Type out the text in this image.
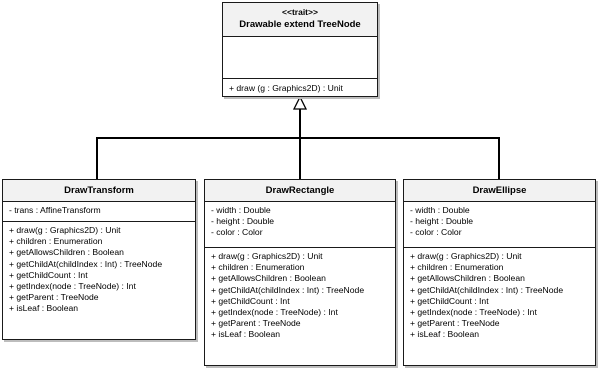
<<trait>>
Drawable extend TreeNode
+ draw (g : Graphics2D) : Unit
DrawTransform
- trans : AffineTransform
+ draw(g : Graphics2D) : Unit
+ children : Enumeration
+ getAllowsChildren : Boolean
+ getChildAt(childIndex : Int) : TreeNode
+ getChildCount : Int
+ getIndex(node : TreeNode) : Int
+ getParent : TreeNode
+ isLeaf : Boolean
DrawRectangle
- width : Double
- height : Double
- color : Color
+ draw(g : Graphics2D) : Unit
+ children : Enumeration
+ getAllowsChildren : Boolean
+ getChildAt(childIndex : Int) : TreeNode
+ getChildCount : Int
+ getIndex(node : TreeNode) : Int
+ getParent : TreeNode
+ isLeaf : Boolean
DrawEllipse
- width : Double
- height : Double
- color : Color
+ draw(g : Graphics2D) : Unit
+ children : Enumeration
+ getAllowsChildren : Boolean
+ getChildAt(childIndex : Int) : TreeNode
+ getChildCount : Int
+ getIndex(node : TreeNode) : Int
+ getParent : TreeNode
+ isLeaf : Boolean
